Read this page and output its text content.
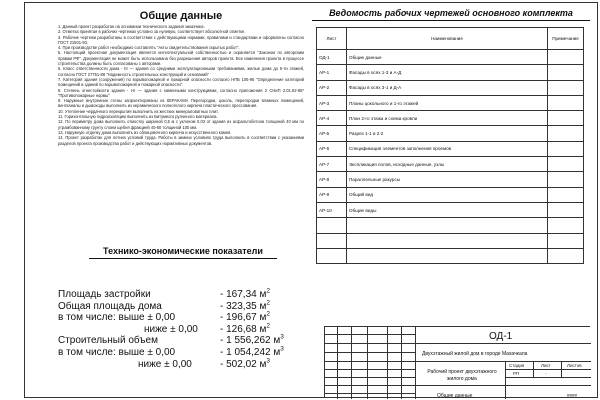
Общие данные

1. Данный проект разработан на основании технического задания заказчика.

2. Отметка принятая в рабочих чертежах условно за нулевую, соответствует абсолютной отметке.

3. Рабочие чертежи разработаны в соответствии с действующими нормами, правилами и стандартами и оформлены согласно ГОСТ 21501-93.

4. При производстве работ необходимо составлять "Акты свидетельствования скрытых работ".

5. Настоящий проектная документация является интеллектуальной собственностью и охраняется "Законом по авторским правам РФ". Документация не может быть использована без разрешения авторов проекта. Все изменения проекта в процессе строительства должны быть согласованы с авторами.

6. Класс ответственности дома - III — здания со средними эксплуатационными требованиями, жилые дома до 5-ти этажей, согласно ГОСТ 27751-88 "Надежность строительных конструкций и оснований"

7. Категория здания (сооружения) по взрывопожарной и пожарной опасности согласно НПБ 105-95 "Определение категорий помещений и зданий по взрывопожарной и пожарной опасности".

8. Степень огнестойкости здания - I-II — здания с каменными конструкциями, согласно приложения 2 СНиП 2.01.02-85* "Противопожарные нормы"

9. Наружные внутренние стены запроектированы из КЕРАКАМА Перегородки, цоколь, перегородки влажных помещений, вентканалы и дымоходы выполнить из керамического полнотелого кирпича пластического прессования.

10. Утепление чердачного перекрытия выполнить из жестких минераловатных плит.

11. Горизонтальную гидроизоляцию выполнить из Битумного рулонного материала.

12. По периметру дома выполнить отмостку шириной 0,5 м с уклоном 0,03 от здания из асфальтобетона толщиной 40 мм по утрамбованному грунту слоем щебня фракцией 40-60 толщиной 100 мм.

13. Наружную отделку дома выполнить из облицовочного кирпича и искусственного камня.

14. Проект разработан для летних условий труда. Работы в зимних условиях труда выполнить в соответствии с указаниями разделов проекта производства работ и действующих нормативных документов.

Технико-экономические показатели
Площадь застройки	- 167,34 $м^2$
Общая площадь дома	- 323,35 $м^2$
в том числе: выше ± 0,00	- 196,67 $м^2$
ниже ± 0,00 - 126,68 $м^2$
Строительный объем	- 1 556,262 $м^3$
в том числе: выше ± 0,00	- 1 054,242 $м^3$
ниже ± 0,00	- 502,02 $м^3$
Ведомость рабочих чертежей основного комплекта
Лист	Наименование	Примечание
ОД-1	Общие данные	
АР-1	Фасады в осях 1-3 и А-Д	
АР-2	Фасады в осях 3-1 и Д-А	
АР-3	Планы цокольного и 1-го этажей	
АР-4	План 2-го этажа и схема кровли	
АР-5	Разрез 1-1 и 2-2	
АР-6	Спецификация элементов заполнения проемов	
АР-7	Экспликация полов, исходные данные, узлы	
АР-8	Параллельные ракурсы	
АР-9	Общий вид	
АР-10	Общие виды	

ОД-1
Двухэтажный жилой дом в городе Махачкала
Рабочий проект двухэтажного жилого дома
Стадия	Лист	Листов
РП	-
Общие данные	####
